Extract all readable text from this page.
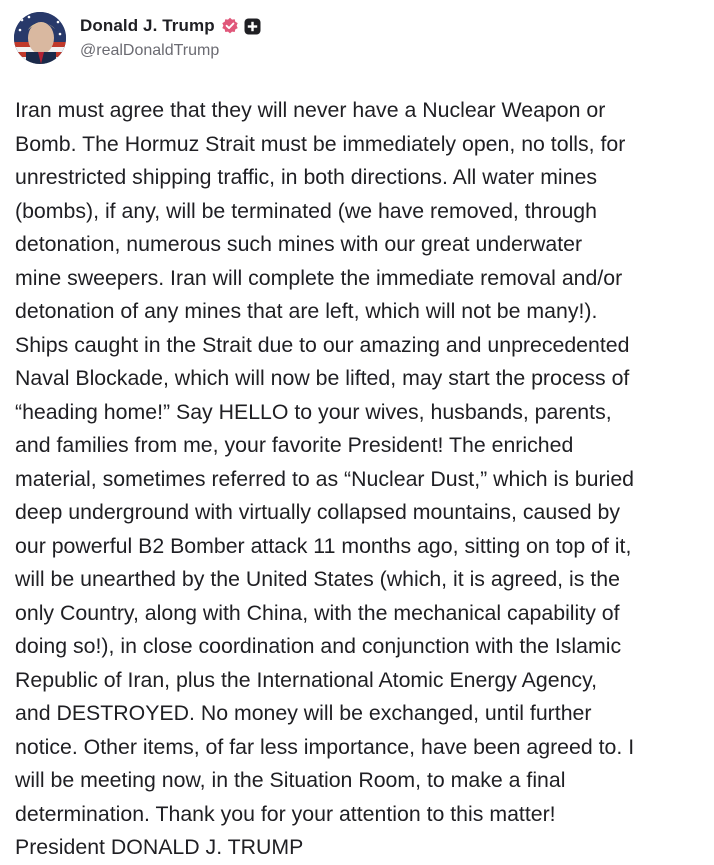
Donald J. Trump
@realDonaldTrump

Iran must agree that they will never have a Nuclear Weapon or
Bomb. The Hormuz Strait must be immediately open, no tolls, for
unrestricted shipping traffic, in both directions. All water mines
(bombs), if any, will be terminated (we have removed, through
detonation, numerous such mines with our great underwater
mine sweepers. Iran will complete the immediate removal and/or
detonation of any mines that are left, which will not be many!).
Ships caught in the Strait due to our amazing and unprecedented
Naval Blockade, which will now be lifted, may start the process of
“heading home!” Say HELLO to your wives, husbands, parents,
and families from me, your favorite President! The enriched
material, sometimes referred to as “Nuclear Dust,” which is buried
deep underground with virtually collapsed mountains, caused by
our powerful B2 Bomber attack 11 months ago, sitting on top of it,
will be unearthed by the United States (which, it is agreed, is the
only Country, along with China, with the mechanical capability of
doing so!), in close coordination and conjunction with the Islamic
Republic of Iran, plus the International Atomic Energy Agency,
and DESTROYED. No money will be exchanged, until further
notice. Other items, of far less importance, have been agreed to. I
will be meeting now, in the Situation Room, to make a final
determination. Thank you for your attention to this matter!
President DONALD J. TRUMP
